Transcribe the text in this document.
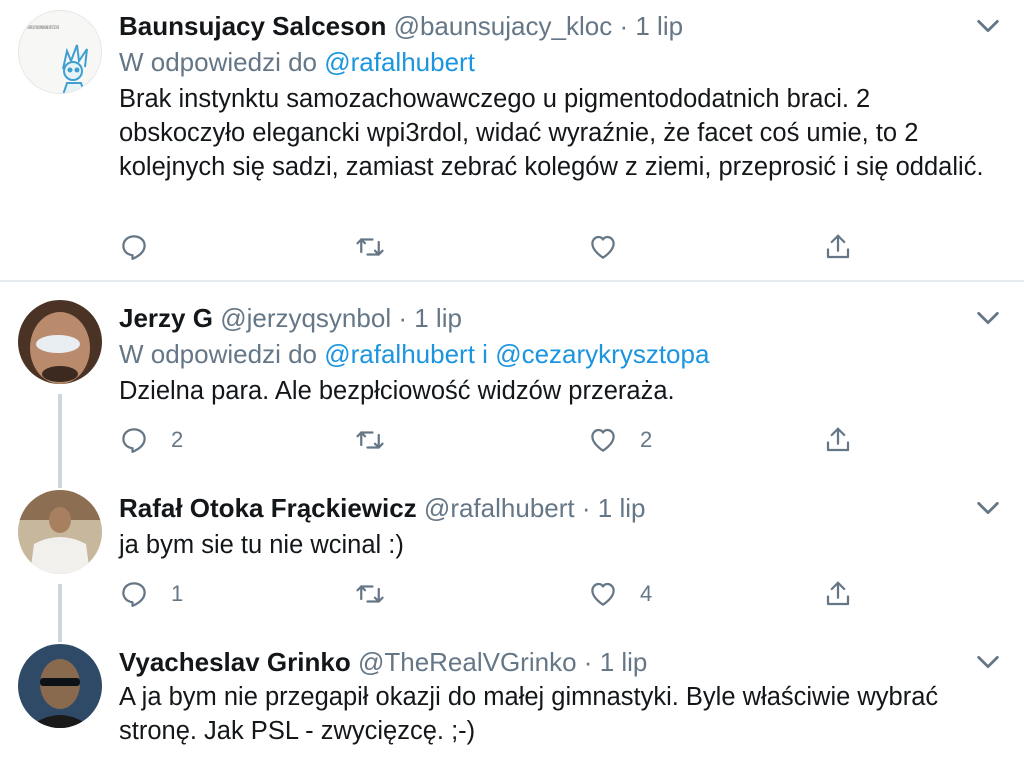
Baunsujacy Salceson @baunsujacy_kloc · 1 lip
W odpowiedzi do @rafalhubert
Brak instynktu samozachowawczego u pigmentododatnich braci. 2 obskoczyło elegancki wpi3rdol, widać wyraźnie, że facet coś umie, to 2 kolejnych się sadzi, zamiast zebrać kolegów z ziemi, przeprosić i się oddalić.
Jerzy G @jerzyqsynbol · 1 lip
W odpowiedzi do @rafalhubert i @cezarykrysztopa
Dzielna para. Ale bezpłciowość widzów przeraża.
2	2
Rafał Otoka Frąckiewicz @rafalhubert · 1 lip
ja bym sie tu nie wcinal :)
1	4
Vyacheslav Grinko @TheRealVGrinko · 1 lip
A ja bym nie przegapił okazji do małej gimnastyki. Byle właściwie wybrać stronę. Jak PSL - zwycięzcę. ;-)
